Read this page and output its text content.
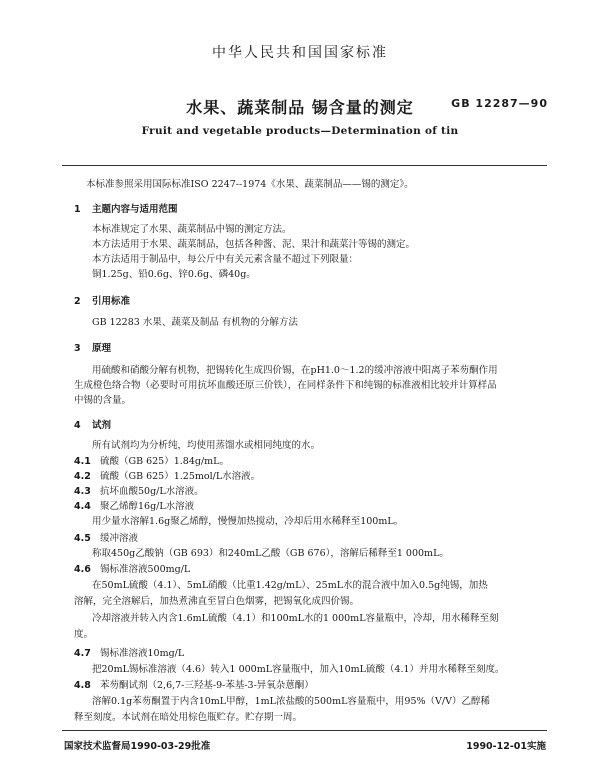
中华人民共和国国家标准
水果、蔬菜制品 锡含量的测定	GB 12287—90
Fruit and vegetable products—Determination of tin
本标准参照采用国际标准ISO 2247--1974《水果、蔬菜制品——锡的测定》。
1 主题内容与适用范围
本标准规定了水果、蔬菜制品中锡的测定方法。
本方法适用于水果、蔬菜制品，包括各种酱、泥、果汁和蔬菜汁等锡的测定。
本方法适用于制品中，每公斤中有关元素含量不超过下列限量：
铜1.25g、铅0.6g、锌0.6g、磷40g。
2 引用标准
GB 12283 水果、蔬菜及制品 有机物的分解方法
3 原理
用硫酸和硝酸分解有机物，把锡转化生成四价锡，在pH1.0～1.2的缓冲溶液中阳离子苯芴酮作用
生成橙色络合物（必要时可用抗坏血酸还原三价铁），在同样条件下和纯锡的标准液相比较并计算样品
中锡的含量。
4 试剂
所有试剂均为分析纯，均使用蒸馏水或相同纯度的水。
4.1 硫酸（GB 625）1.84g/mL。
4.2 硫酸（GB 625）1.25mol/L水溶液。
4.3 抗坏血酸50g/L水溶液。
4.4 聚乙烯醇16g/L水溶液
用少量水溶解1.6g聚乙烯醇，慢慢加热搅动，冷却后用水稀释至100mL。
4.5 缓冲溶液
称取450g乙酸钠（GB 693）和240mL乙酸（GB 676），溶解后稀释至1 000mL。
4.6 锡标准溶液500mg/L
在50mL硫酸（4.1）、5mL硝酸（比重1.42g/mL）、25mL水的混合液中加入0.5g纯锡，加热
溶解，完全溶解后，加热煮沸直至冒白色烟雾，把锡氧化成四价锡。
冷却溶液并转入内含1.6mL硫酸（4.1）和100mL水的1 000mL容量瓶中，冷却，用水稀释至刻
度。
4.7 锡标准溶液10mg/L
把20mL锡标准溶液（4.6）转入1 000mL容量瓶中，加入10mL硫酸（4.1）并用水稀释至刻度。
4.8 苯芴酮试剂（2,6,7-三羟基-9-苯基-3-异氧杂蒽酮）
溶解0.1g苯芴酮置于内含10mL甲醇，1mL浓盐酸的500mL容量瓶中，用95%（V/V）乙醇稀
释至刻度。本试剂在暗处用棕色瓶贮存。贮存期一周。
国家技术监督局1990-03-29批准	1990-12-01实施
